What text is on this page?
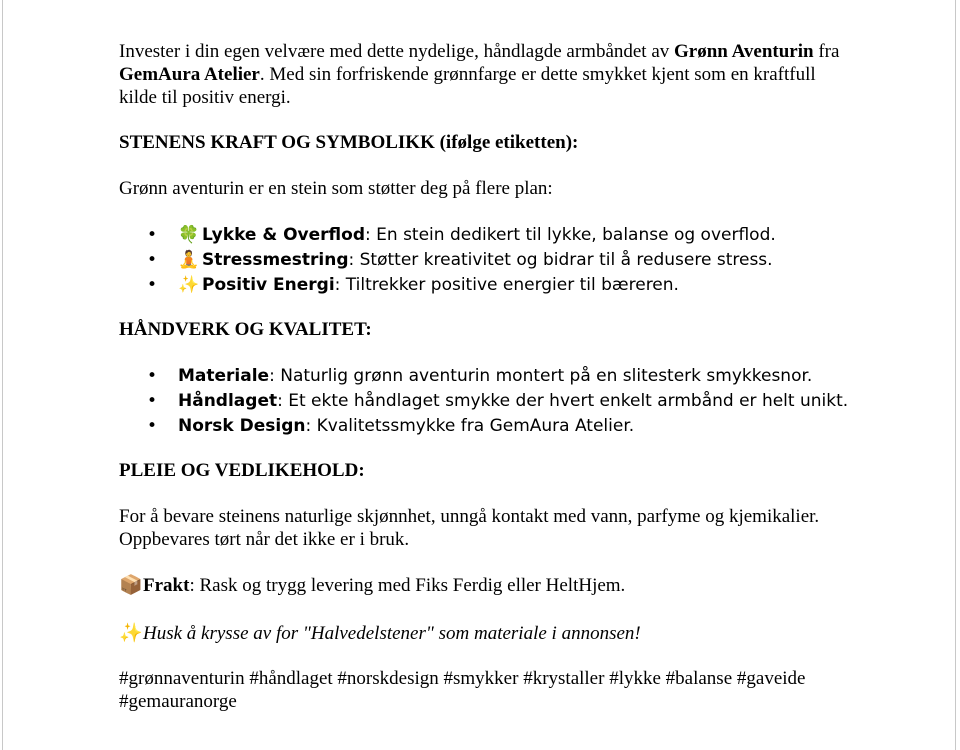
Invester i din egen velvære med dette nydelige, håndlagde armbåndet av Grønn Aventurin fra GemAura Atelier. Med sin forfriskende grønnfarge er dette smykket kjent som en kraftfull kilde til positiv energi.

STENENS KRAFT OG SYMBOLIKK (ifølge etiketten):

Grønn aventurin er en stein som støtter deg på flere plan:

• 🍀 Lykke & Overflod: En stein dedikert til lykke, balanse og overflod.
• 🧘 Stressmestring: Støtter kreativitet og bidrar til å redusere stress.
• ✨ Positiv Energi: Tiltrekker positive energier til bæreren.

HÅNDVERK OG KVALITET:

• Materiale: Naturlig grønn aventurin montert på en slitesterk smykkesnor.
• Håndlaget: Et ekte håndlaget smykke der hvert enkelt armbånd er helt unikt.
• Norsk Design: Kvalitetssmykke fra GemAura Atelier.

PLEIE OG VEDLIKEHOLD:

For å bevare steinens naturlige skjønnhet, unngå kontakt med vann, parfyme og kjemikalier. Oppbevares tørt når det ikke er i bruk.

📦Frakt: Rask og trygg levering med Fiks Ferdig eller HeltHjem.

✨Husk å krysse av for "Halvedelstener" som materiale i annonsen!

#grønnaventurin #håndlaget #norskdesign #smykker #krystaller #lykke #balanse #gaveide #gemauranorge
